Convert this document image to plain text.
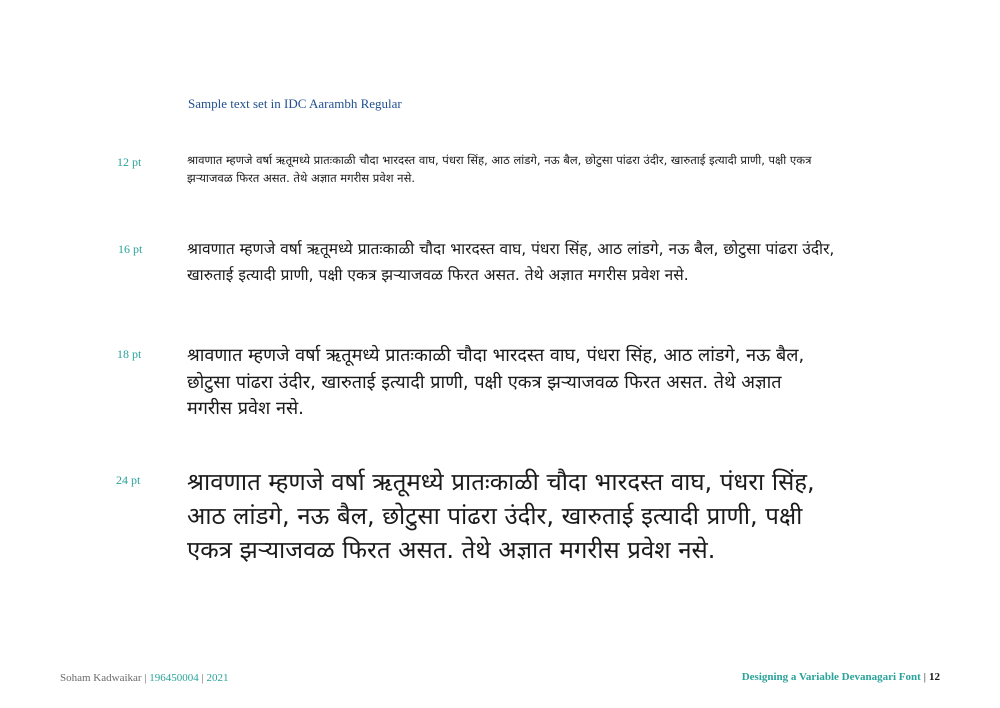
Sample text set in IDC Aarambh Regular
12 pt	श्रावणात म्हणजे वर्षा ऋतूमध्ये प्रातःकाळी चौदा भारदस्त वाघ, पंधरा सिंह, आठ लांडगे, नऊ बैल, छोटुसा पांढरा उंदीर, खारुताई इत्यादी प्राणी, पक्षी एकत्र झऱ्याजवळ फिरत असत. तेथे अज्ञात मगरीस प्रवेश नसे.
16 pt	श्रावणात म्हणजे वर्षा ऋतूमध्ये प्रातःकाळी चौदा भारदस्त वाघ, पंधरा सिंह, आठ लांडगे, नऊ बैल, छोटुसा पांढरा उंदीर, खारुताई इत्यादी प्राणी, पक्षी एकत्र झऱ्याजवळ फिरत असत. तेथे अज्ञात मगरीस प्रवेश नसे.
18 pt	श्रावणात म्हणजे वर्षा ऋतूमध्ये प्रातःकाळी चौदा भारदस्त वाघ, पंधरा सिंह, आठ लांडगे, नऊ बैल, छोटुसा पांढरा उंदीर, खारुताई इत्यादी प्राणी, पक्षी एकत्र झऱ्याजवळ फिरत असत. तेथे अज्ञात मगरीस प्रवेश नसे.
24 pt श्रावणात म्हणजे वर्षा ऋतूमध्ये प्रातःकाळी चौदा भारदस्त वाघ, पंधरा सिंह, आठ लांडगे, नऊ बैल, छोटुसा पांढरा उंदीर, खारुताई इत्यादी प्राणी, पक्षी एकत्र झऱ्याजवळ फिरत असत. तेथे अज्ञात मगरीस प्रवेश नसे.
Soham Kadwaikar | 196450004 | 2021	Designing a Variable Devanagari Font | 12
